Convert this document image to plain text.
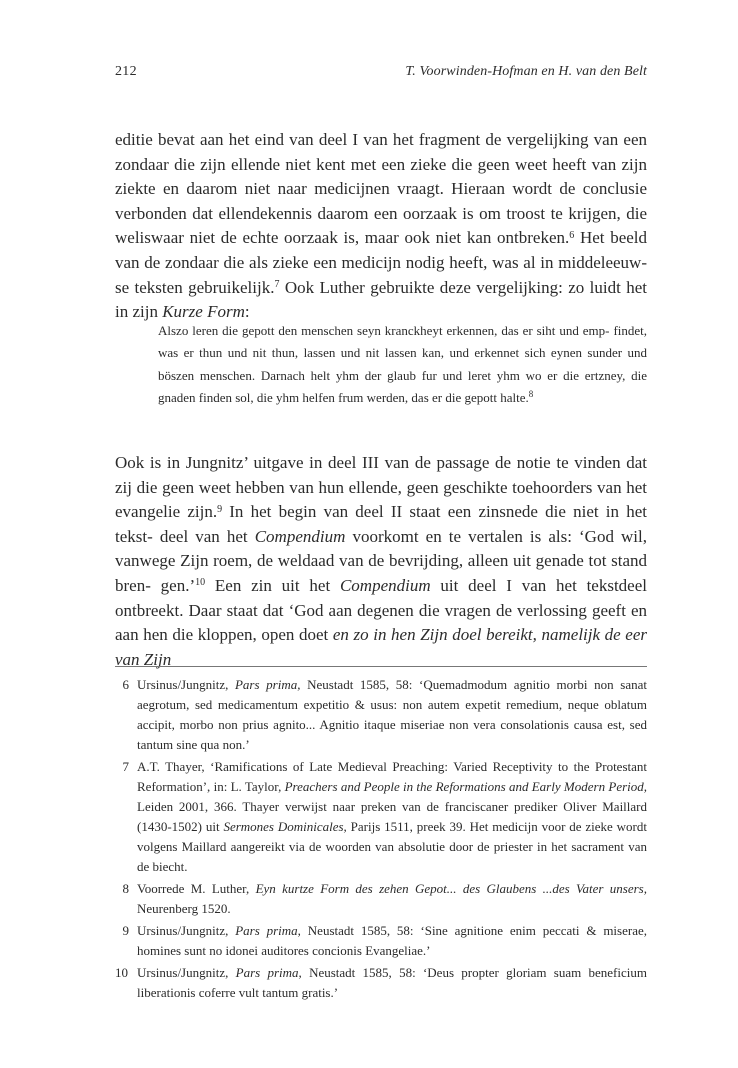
212	T. Voorwinden-Hofman en H. van den Belt

editie bevat aan het eind van deel I van het fragment de vergelijking van een zondaar die zijn ellende niet kent met een zieke die geen weet heeft van zijn ziekte en daarom niet naar medicijnen vraagt. Hieraan wordt de conclusie verbonden dat ellendekennis daarom een oorzaak is om troost te krijgen, die weliswaar niet de echte oorzaak is, maar ook niet kan ontbreken.$^6$ Het beeld van de zondaar die als zieke een medicijn nodig heeft, was al in middeleeuw- se teksten gebruikelijk.$^7$ Ook Luther gebruikte deze vergelijking: zo luidt het in zijn Kurze Form:

Alszo leren die gepott den menschen seyn kranckheyt erkennen, das er siht und emp- findet, was er thun und nit thun, lassen und nit lassen kan, und erkennet sich eynen sunder und böszen menschen. Darnach helt yhm der glaub fur und leret yhm wo er die ertzney, die gnaden finden sol, die yhm helfen frum werden, das er die gepott halte.$^8$

Ook is in Jungnitz’ uitgave in deel III van de passage de notie te vinden dat zij die geen weet hebben van hun ellende, geen geschikte toehoorders van het evangelie zijn.$^9$ In het begin van deel II staat een zinsnede die niet in het tekst- deel van het Compendium voorkomt en te vertalen is als: ‘God wil, vanwege Zijn roem, de weldaad van de bevrijding, alleen uit genade tot stand bren- gen.’$^{10}$ Een zin uit het Compendium uit deel I van het tekstdeel ontbreekt. Daar staat dat ‘God aan degenen die vragen de verlossing geeft en aan hen die kloppen, open doet en zo in hen Zijn doel bereikt, namelijk de eer van Zijn

6 Ursinus/Jungnitz, Pars prima, Neustadt 1585, 58: ‘Quemadmodum agnitio morbi non sanat aegrotum, sed medicamentum expetitio & usus: non autem expetit remedium, neque oblatum accipit, morbo non prius agnito... Agnitio itaque miseriae non vera consolationis causa est, sed tantum sine qua non.’
7 A.T. Thayer, ‘Ramifications of Late Medieval Preaching: Varied Receptivity to the Protestant Reformation’, in: L. Taylor, Preachers and People in the Reformations and Early Modern Period, Leiden 2001, 366. Thayer verwijst naar preken van de franciscaner prediker Oliver Maillard (1430-1502) uit Sermones Dominicales, Parijs 1511, preek 39. Het medicijn voor de zieke wordt volgens Maillard aangereikt via de woorden van absolutie door de priester in het sacrament van de biecht.
8 Voorrede M. Luther, Eyn kurtze Form des zehen Gepot... des Glaubens ...des Vater unsers, Neurenberg 1520.
9 Ursinus/Jungnitz, Pars prima, Neustadt 1585, 58: ‘Sine agnitione enim peccati & miserae, homines sunt no idonei auditores concionis Evangeliae.’
10 Ursinus/Jungnitz, Pars prima, Neustadt 1585, 58: ‘Deus propter gloriam suam beneficium liberationis coferre vult tantum gratis.’
